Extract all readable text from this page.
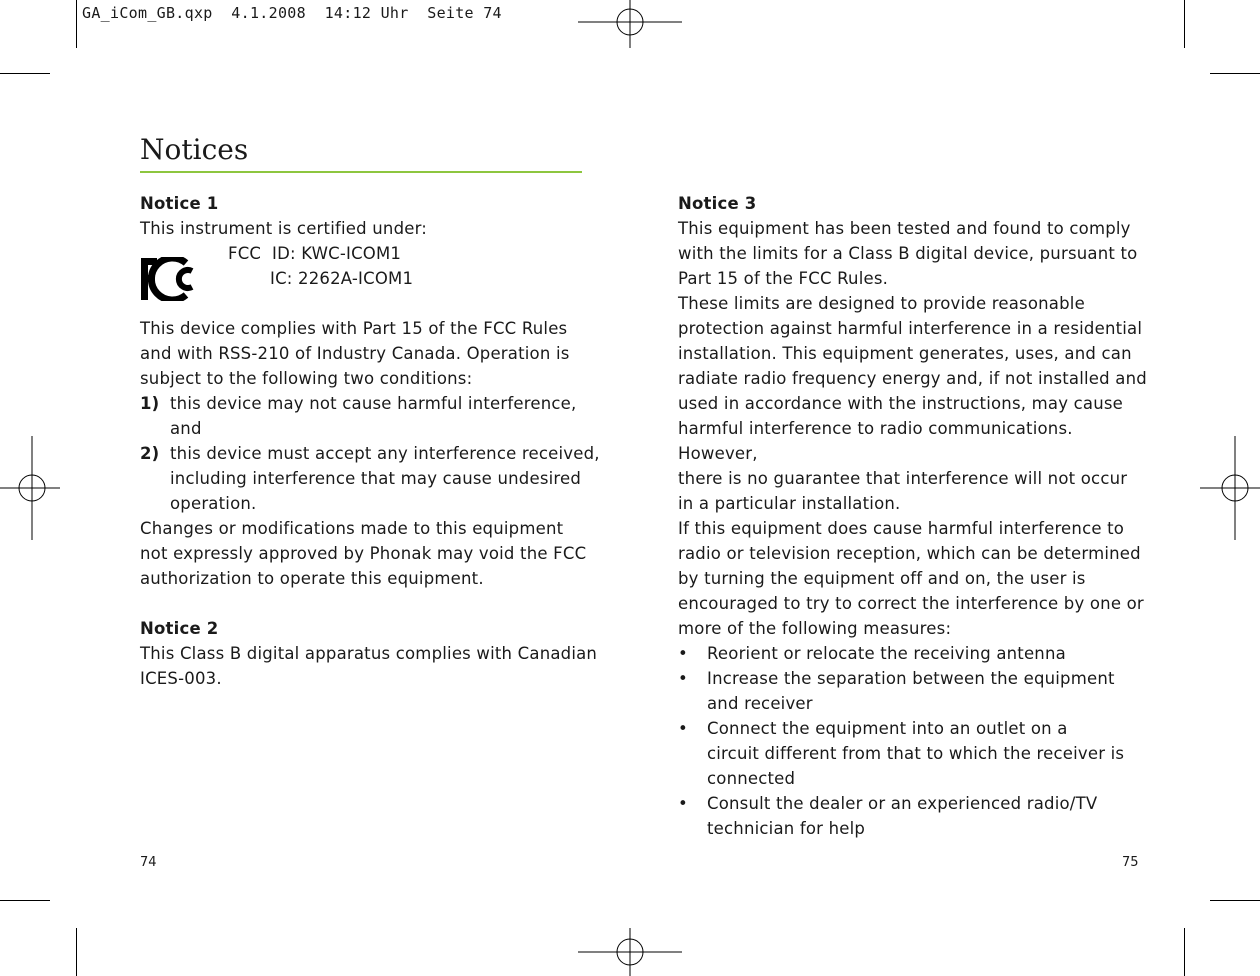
GA_iCom_GB.qxp  4.1.2008  14:12 Uhr  Seite 74
Notices

Notice 1

This instrument is certified under:

FCC  ID: KWC-ICOM1
IC: 2262A-ICOM1

This device complies with Part 15 of the FCC Rules

and with RSS-210 of Industry Canada. Operation is

subject to the following two conditions:

1) this device may not cause harmful interference, and
2) this device must accept any interference received,
including interference that may cause undesired
operation.

Changes or modifications made to this equipment

not expressly approved by Phonak may void the FCC

authorization to operate this equipment.

Notice 2

This Class B digital apparatus complies with Canadian

ICES-003.

Notice 3

This equipment has been tested and found to comply

with the limits for a Class B digital device, pursuant to

Part 15 of the FCC Rules.

These limits are designed to provide reasonable

protection against harmful interference in a residential

installation. This equipment generates, uses, and can

radiate radio frequency energy and, if not installed and

used in accordance with the instructions, may cause

harmful interference to radio communications. However,

there is no guarantee that interference will not occur

in a particular installation.

If this equipment does cause harmful interference to

radio or television reception, which can be determined

by turning the equipment off and on, the user is

encouraged to try to correct the interference by one or

more of the following measures:

•	Reorient or relocate the receiving antenna
•	Increase the separation between the equipment
and receiver
•	Connect the equipment into an outlet on a
circuit different from that to which the receiver is
connected
•	Consult the dealer or an experienced radio/TV
technician for help
74	75
